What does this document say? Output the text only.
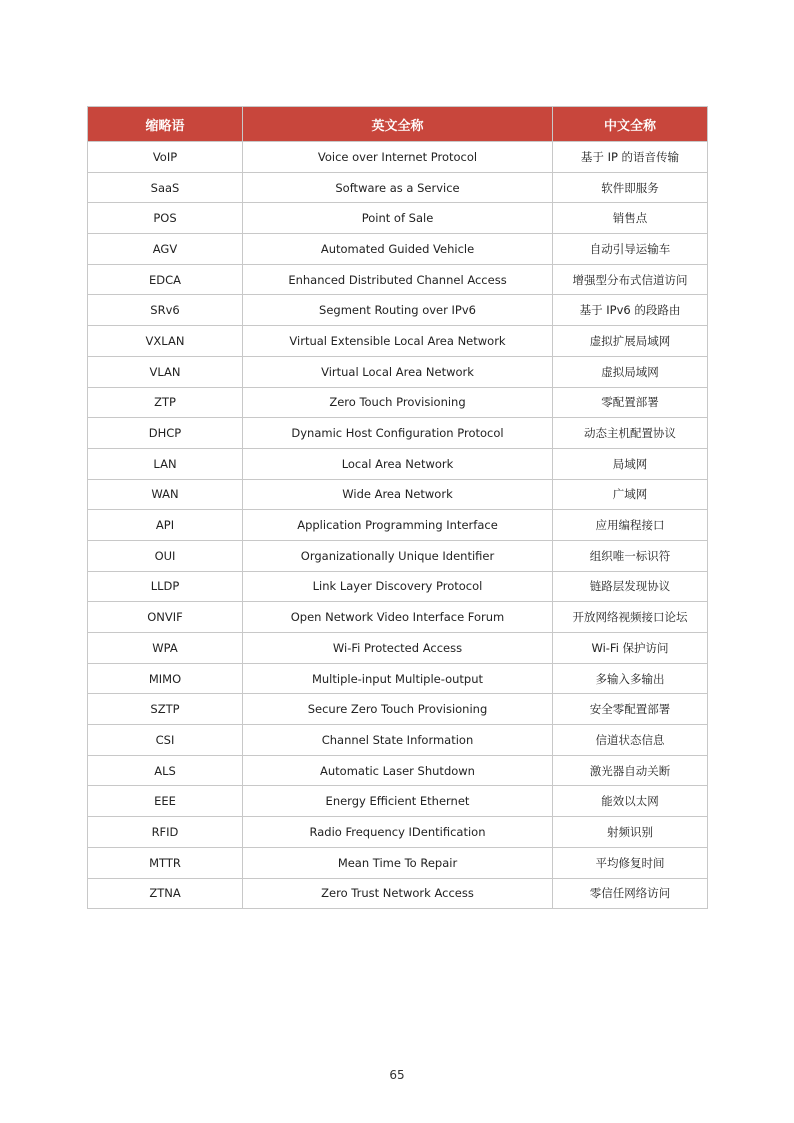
缩略语	英文全称	中文全称
VoIP	Voice over Internet Protocol	基于 IP 的语音传输
SaaS	Software as a Service	软件即服务
POS	Point of Sale	销售点
AGV	Automated Guided Vehicle	自动引导运输车
EDCA	Enhanced Distributed Channel Access	增强型分布式信道访问
SRv6	Segment Routing over IPv6	基于 IPv6 的段路由
VXLAN	Virtual Extensible Local Area Network	虚拟扩展局域网
VLAN	Virtual Local Area Network	虚拟局域网
ZTP	Zero Touch Provisioning	零配置部署
DHCP	Dynamic Host Configuration Protocol	动态主机配置协议
LAN	Local Area Network	局域网
WAN	Wide Area Network	广域网
API	Application Programming Interface	应用编程接口
OUI	Organizationally Unique Identifier	组织唯一标识符
LLDP	Link Layer Discovery Protocol	链路层发现协议
ONVIF	Open Network Video Interface Forum	开放网络视频接口论坛
WPA	Wi-Fi Protected Access	Wi-Fi 保护访问
MIMO	Multiple-input Multiple-output	多输入多输出
SZTP	Secure Zero Touch Provisioning	安全零配置部署
CSI	Channel State Information	信道状态信息
ALS	Automatic Laser Shutdown	激光器自动关断
EEE	Energy Efficient Ethernet	能效以太网
RFID	Radio Frequency IDentification	射频识别
MTTR	Mean Time To Repair	平均修复时间
ZTNA	Zero Trust Network Access	零信任网络访问
65
